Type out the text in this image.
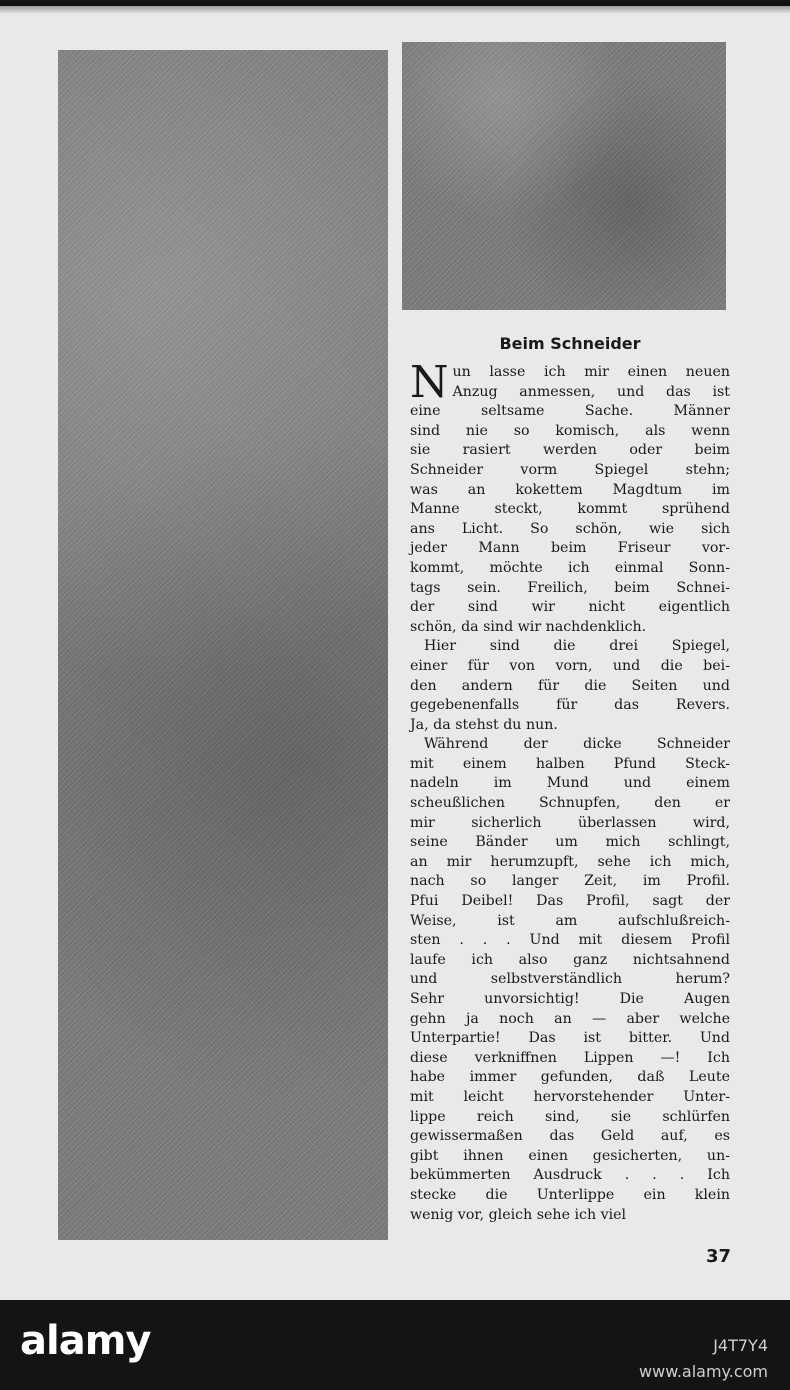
Beim Schneider
N un lasse ich mir einen neuen
Anzug anmessen, und das ist
eine seltsame Sache. Männer
sind nie so komisch, als wenn
sie rasiert werden oder beim
Schneider vorm Spiegel stehn;
was an kokettem Magdtum im
Manne steckt, kommt sprühend
ans Licht. So schön, wie sich
jeder Mann beim Friseur vor-
kommt, möchte ich einmal Sonn-
tags sein. Freilich, beim Schnei-
der sind wir nicht eigentlich
schön, da sind wir nachdenklich.
Hier sind die drei Spiegel,
einer für von vorn, und die bei-
den andern für die Seiten und
gegebenenfalls für das Revers.
Ja, da stehst du nun.
Während der dicke Schneider
mit einem halben Pfund Steck-
nadeln im Mund und einem
scheußlichen Schnupfen, den er
mir sicherlich überlassen wird,
seine Bänder um mich schlingt,
an mir herumzupft, sehe ich mich,
nach so langer Zeit, im Profil.
Pfui Deibel! Das Profil, sagt der
Weise, ist am aufschlußreich-
sten . . . Und mit diesem Profil
laufe ich also ganz nichtsahnend
und selbstverständlich herum?
Sehr unvorsichtig! Die Augen
gehn ja noch an — aber welche
Unterpartie! Das ist bitter. Und
diese verkniffnen Lippen —! Ich
habe immer gefunden, daß Leute
mit leicht hervorstehender Unter-
lippe reich sind, sie schlürfen
gewissermaßen das Geld auf, es
gibt ihnen einen gesicherten, un-
bekümmerten Ausdruck . . . Ich
stecke die Unterlippe ein klein
wenig vor, gleich sehe ich viel
37
alamy	J4T7Y4
www.alamy.com
